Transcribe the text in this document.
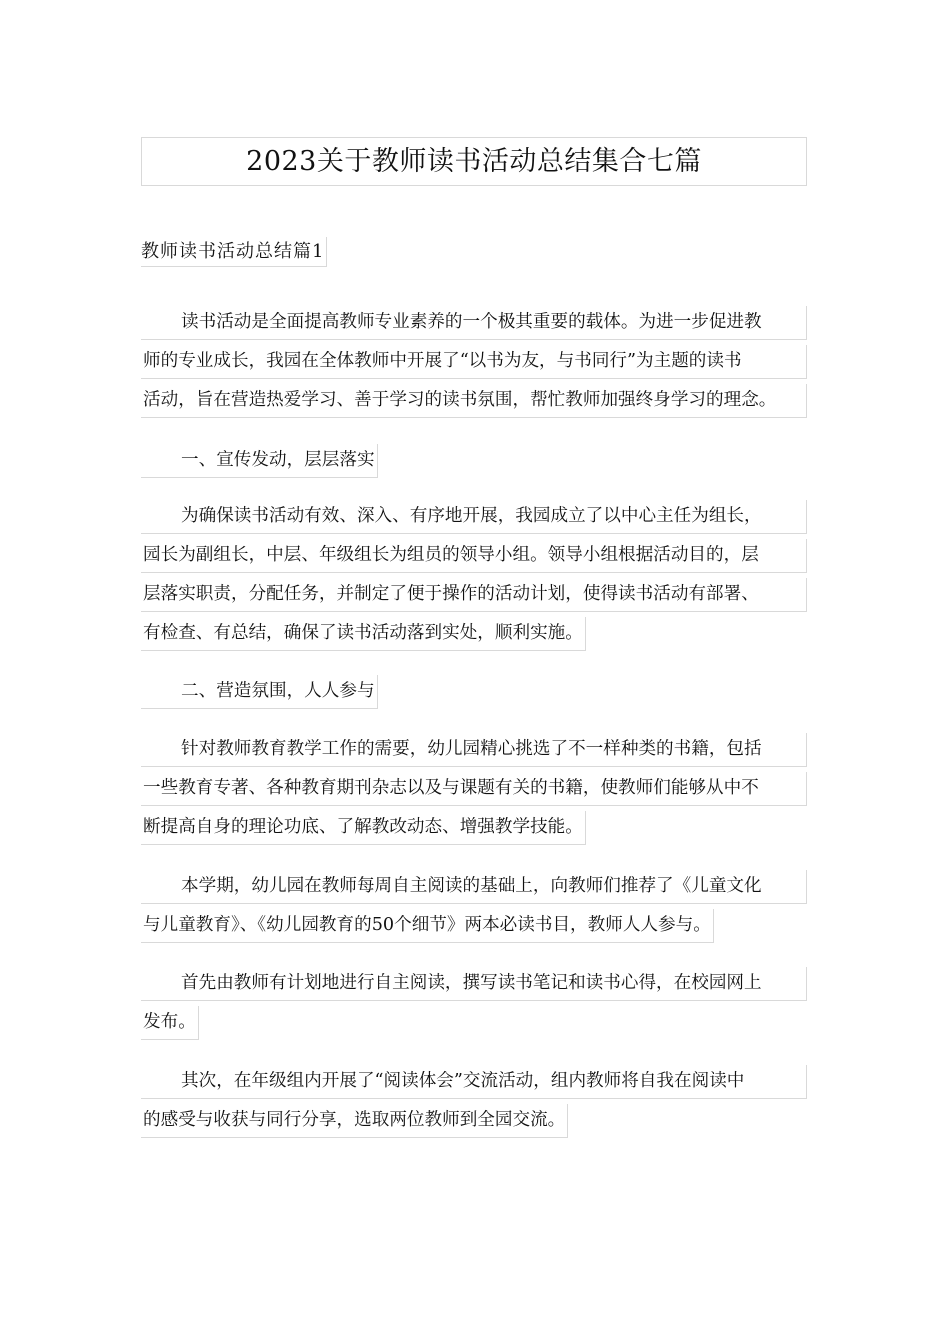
2023关于教师读书活动总结集合七篇
教师读书活动总结篇1
读书活动是全面提高教师专业素养的一个极其重要的载体。为进一步促进教
师的专业成长，我园在全体教师中开展了“以书为友，与书同行”为主题的读书
活动，旨在营造热爱学习、善于学习的读书氛围，帮忙教师加强终身学习的理念。
一、宣传发动，层层落实
为确保读书活动有效、深入、有序地开展，我园成立了以中心主任为组长，
园长为副组长，中层、年级组长为组员的领导小组。领导小组根据活动目的，层
层落实职责，分配任务，并制定了便于操作的活动计划，使得读书活动有部署、
有检查、有总结，确保了读书活动落到实处，顺利实施。
二、营造氛围，人人参与
针对教师教育教学工作的需要，幼儿园精心挑选了不一样种类的书籍，包括
一些教育专著、各种教育期刊杂志以及与课题有关的书籍，使教师们能够从中不
断提高自身的理论功底、了解教改动态、增强教学技能。
本学期，幼儿园在教师每周自主阅读的基础上，向教师们推荐了《儿童文化
与儿童教育》、《幼儿园教育的50个细节》两本必读书目，教师人人参与。
首先由教师有计划地进行自主阅读，撰写读书笔记和读书心得，在校园网上
发布。
其次，在年级组内开展了“阅读体会”交流活动，组内教师将自我在阅读中
的感受与收获与同行分享，选取两位教师到全园交流。
